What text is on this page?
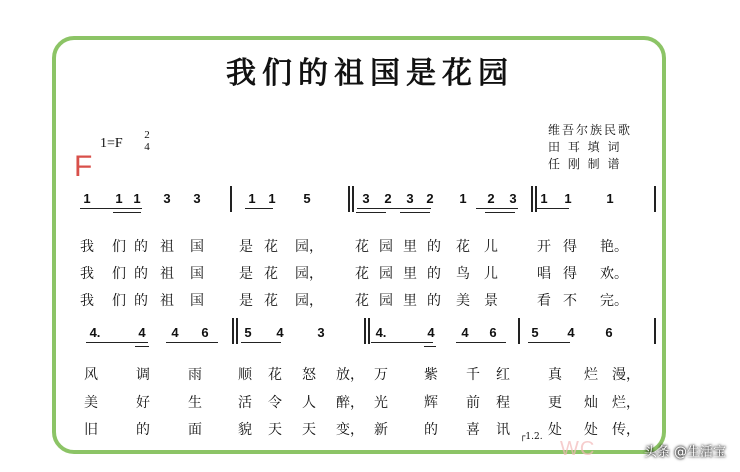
我们的祖国是花园
1=F
2
4
F
维吾尔族民歌
田 耳 填 词
任 刚 制 谱
1	1 1	3	3	1 1	5	3	2	3 2	1	2	3	1	1	1
我 们 的 祖 国	是 花 园， 花 园 里 的 花 儿	开 得 艳。
我 们 的 祖 国	是 花 园， 花 园 里 的 鸟 儿	唱 得 欢。
我 们 的 祖 国	是 花 园， 花 园 里 的 美 景	看 不 完。
4.	4	4	6	5	4	3	4.	4	4	6	5	4	6
风	调	雨	顺 花 怒 放， 万	紫 千 红	真 烂 漫，
美	好	生	活 令 人 醉， 光	辉 前 程	更 灿 烂，
旧	的	面	貌 天 天 变， 新	的 喜 讯	处 处 传，
┌1.2.
WC	头条 @生活宝
